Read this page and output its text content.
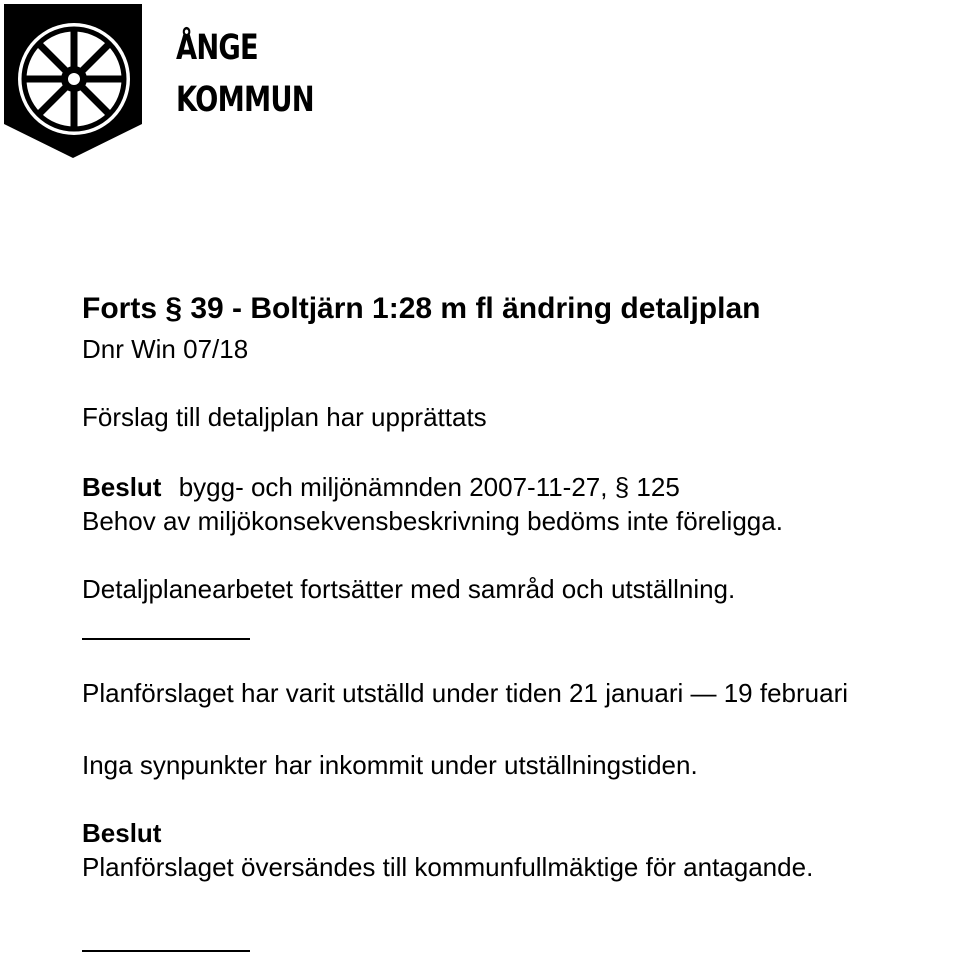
ÅNGE
KOMMUN
Forts § 39 - Boltjärn 1:28 m fl ändring detaljplan
Dnr Win 07/18
Förslag till detaljplan har upprättats
Beslut bygg- och miljönämnden 2007-11-27, § 125
Behov av miljökonsekvensbeskrivning bedöms inte föreligga.
Detaljplanearbetet fortsätter med samråd och utställning.
Planförslaget har varit utställd under tiden 21 januari — 19 februari
Inga synpunkter har inkommit under utställningstiden.
Beslut
Planförslaget översändes till kommunfullmäktige för antagande.
